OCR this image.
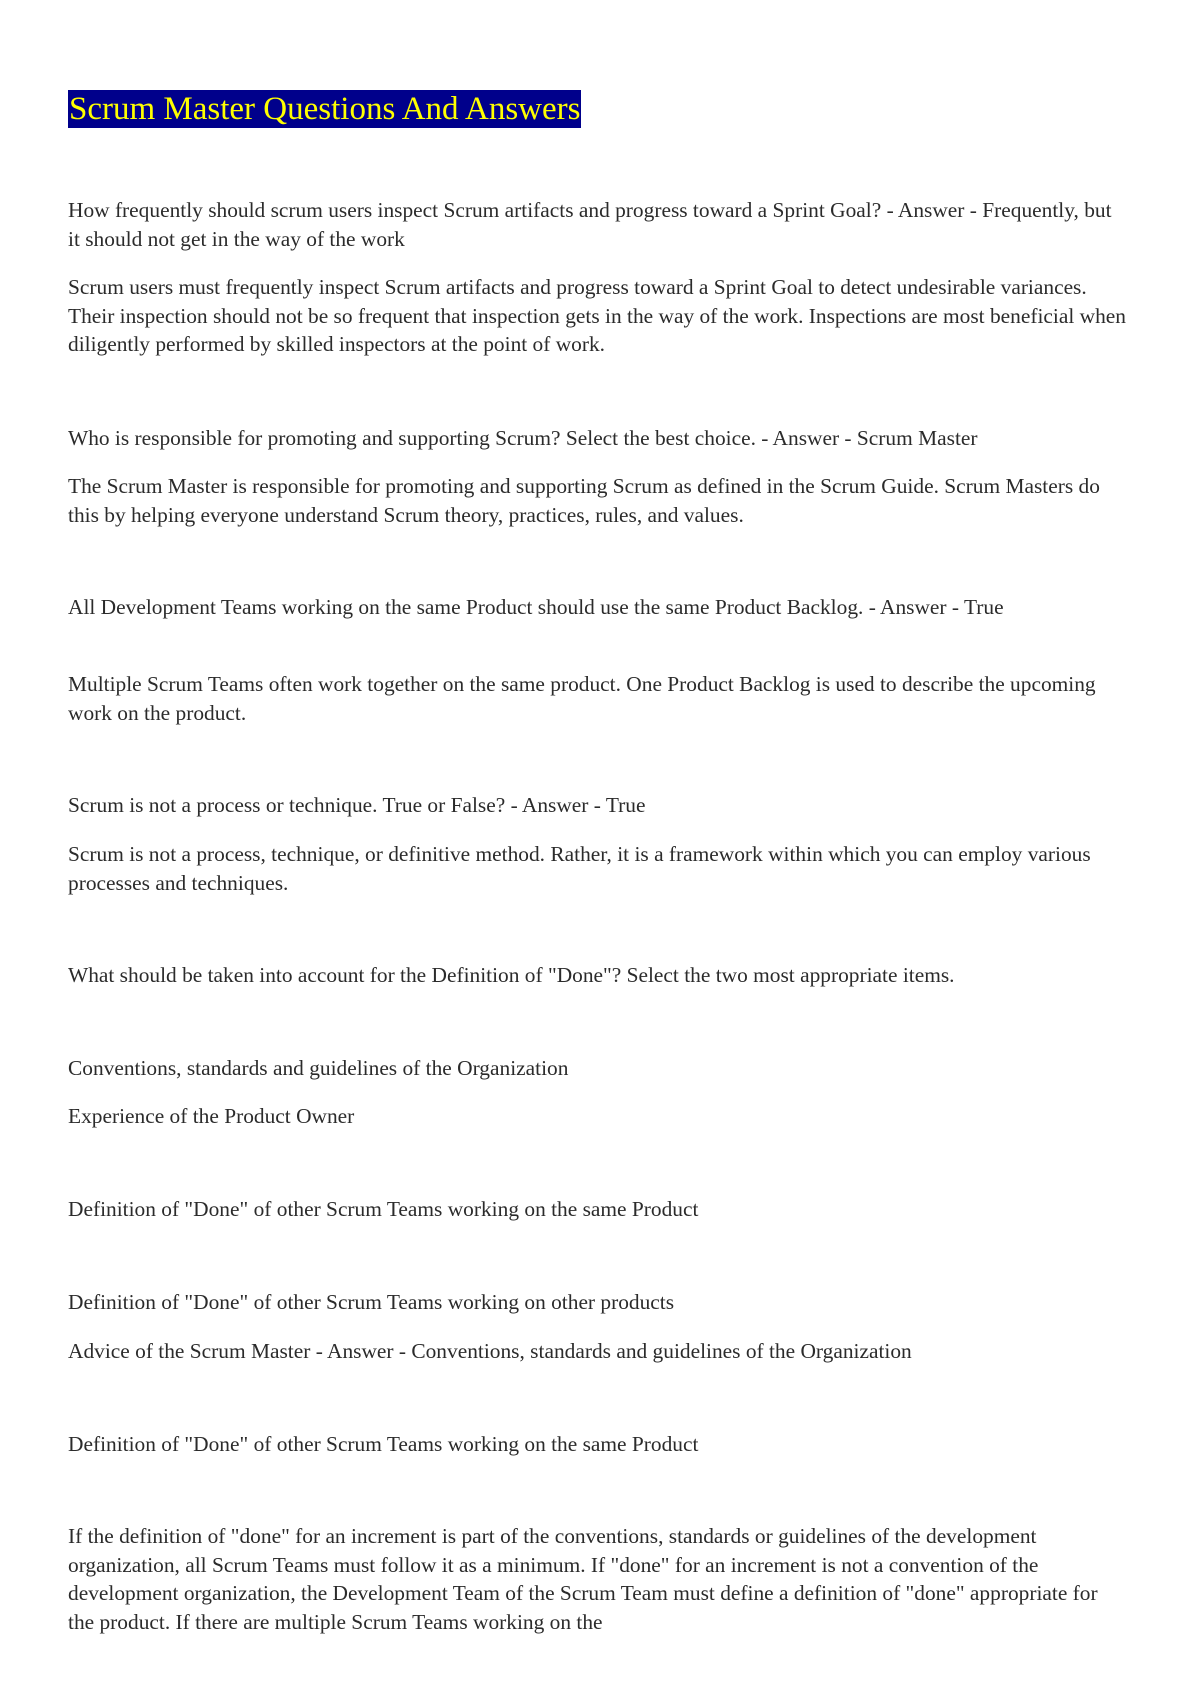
Scrum Master Questions And Answers

How frequently should scrum users inspect Scrum artifacts and progress toward a Sprint Goal? - Answer - Frequently, but it should not get in the way of the work

Scrum users must frequently inspect Scrum artifacts and progress toward a Sprint Goal to detect undesirable variances. Their inspection should not be so frequent that inspection gets in the way of the work. Inspections are most beneficial when diligently performed by skilled inspectors at the point of work.

Who is responsible for promoting and supporting Scrum? Select the best choice. - Answer - Scrum Master

The Scrum Master is responsible for promoting and supporting Scrum as defined in the Scrum Guide. Scrum Masters do this by helping everyone understand Scrum theory, practices, rules, and values.

All Development Teams working on the same Product should use the same Product Backlog. - Answer - True

Multiple Scrum Teams often work together on the same product. One Product Backlog is used to describe the upcoming work on the product.

Scrum is not a process or technique. True or False? - Answer - True

Scrum is not a process, technique, or definitive method. Rather, it is a framework within which you can employ various processes and techniques.

What should be taken into account for the Definition of "Done"? Select the two most appropriate items.

Conventions, standards and guidelines of the Organization

Experience of the Product Owner

Definition of "Done" of other Scrum Teams working on the same Product

Definition of "Done" of other Scrum Teams working on other products

Advice of the Scrum Master - Answer - Conventions, standards and guidelines of the Organization

Definition of "Done" of other Scrum Teams working on the same Product

If the definition of "done" for an increment is part of the conventions, standards or guidelines of the development organization, all Scrum Teams must follow it as a minimum. If "done" for an increment is not a convention of the development organization, the Development Team of the Scrum Team must define a definition of "done" appropriate for the product. If there are multiple Scrum Teams working on the
